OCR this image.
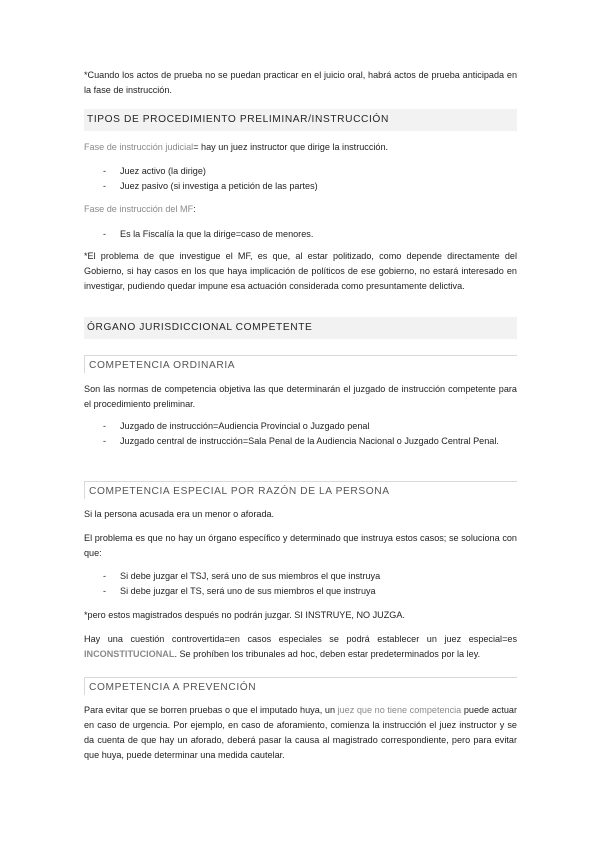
*Cuando los actos de prueba no se puedan practicar en el juicio oral, habrá actos de prueba anticipada en la fase de instrucción.

TIPOS DE PROCEDIMIENTO PRELIMINAR/INSTRUCCIÓN

Fase de instrucción judicial= hay un juez instructor que dirige la instrucción.

- Juez activo (la dirige)
- Juez pasivo (si investiga a petición de las partes)

Fase de instrucción del MF:

- Es la Fiscalía la que la dirige=caso de menores.

*El problema de que investigue el MF, es que, al estar politizado, como depende directamente del Gobierno, si hay casos en los que haya implicación de políticos de ese gobierno, no estará interesado en investigar, pudiendo quedar impune esa actuación considerada como presuntamente delictiva.

ÓRGANO JURISDICCIONAL COMPETENTE
COMPETENCIA ORDINARIA

Son las normas de competencia objetiva las que determinarán el juzgado de instrucción competente para el procedimiento preliminar.

- Juzgado de instrucción=Audiencia Provincial o Juzgado penal
- Juzgado central de instrucción=Sala Penal de la Audiencia Nacional o Juzgado Central Penal.
COMPETENCIA ESPECIAL POR RAZÓN DE LA PERSONA

Si la persona acusada era un menor o aforada.

El problema es que no hay un órgano específico y determinado que instruya estos casos; se soluciona con que:

- Si debe juzgar el TSJ, será uno de sus miembros el que instruya
- Si debe juzgar el TS, será uno de sus miembros el que instruya

*pero estos magistrados después no podrán juzgar. SI INSTRUYE, NO JUZGA.

Hay una cuestión controvertida=en casos especiales se podrá establecer un juez especial=es INCONSTITUCIONAL. Se prohíben los tribunales ad hoc, deben estar predeterminados por la ley.

COMPETENCIA A PREVENCIÓN

Para evitar que se borren pruebas o que el imputado huya, un juez que no tiene competencia puede actuar en caso de urgencia. Por ejemplo, en caso de aforamiento, comienza la instrucción el juez instructor y se da cuenta de que hay un aforado, deberá pasar la causa al magistrado correspondiente, pero para evitar que huya, puede determinar una medida cautelar.
